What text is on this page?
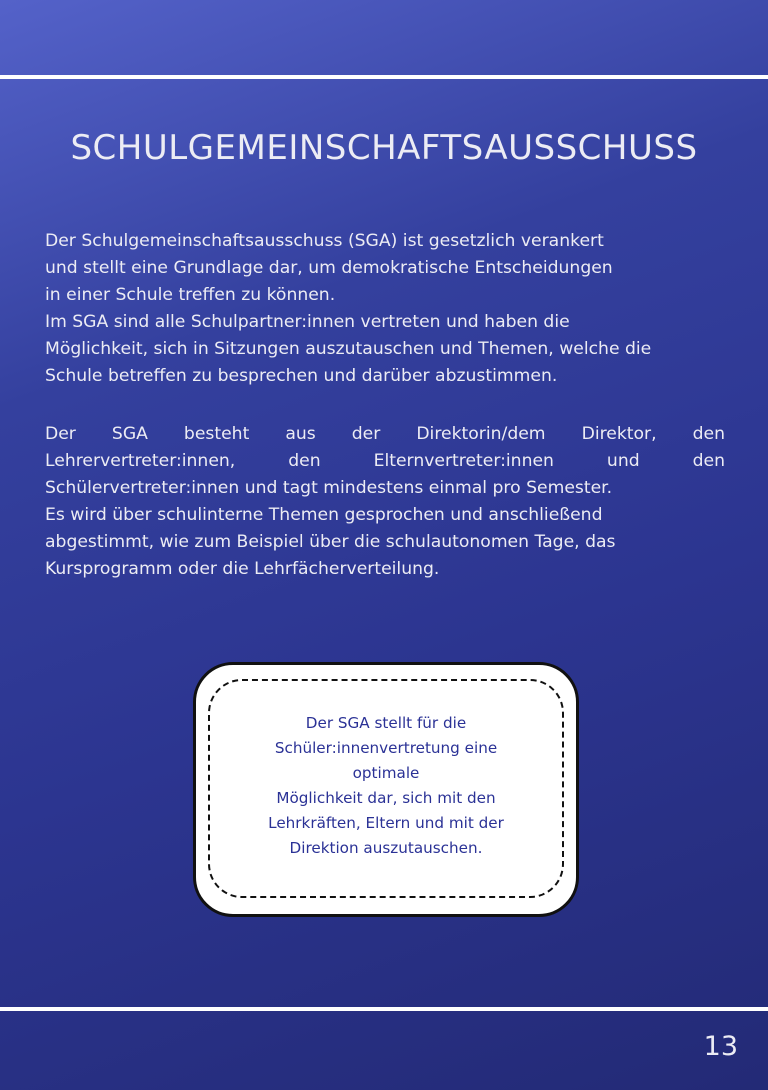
SCHULGEMEINSCHAFTSAUSSCHUSS
Der Schulgemeinschaftsausschuss (SGA) ist gesetzlich verankert
und stellt eine Grundlage dar, um demokratische Entscheidungen
in einer Schule treffen zu können.
Im SGA sind alle Schulpartner:innen vertreten und haben die
Möglichkeit, sich in Sitzungen auszutauschen und Themen, welche die
Schule betreffen zu besprechen und darüber abzustimmen.
Der SGA besteht aus der Direktorin/dem Direktor, den
Lehrervertreter:innen, den Elternvertreter:innen und den
Schülervertreter:innen und tagt mindestens einmal pro Semester.
Es wird über schulinterne Themen gesprochen und anschließend
abgestimmt, wie zum Beispiel über die schulautonomen Tage, das
Kursprogramm oder die Lehrfächerverteilung.
Der SGA stellt für die
Schüler:innenvertretung eine
optimale
Möglichkeit dar, sich mit den
Lehrkräften, Eltern und mit der
Direktion auszutauschen.

13
